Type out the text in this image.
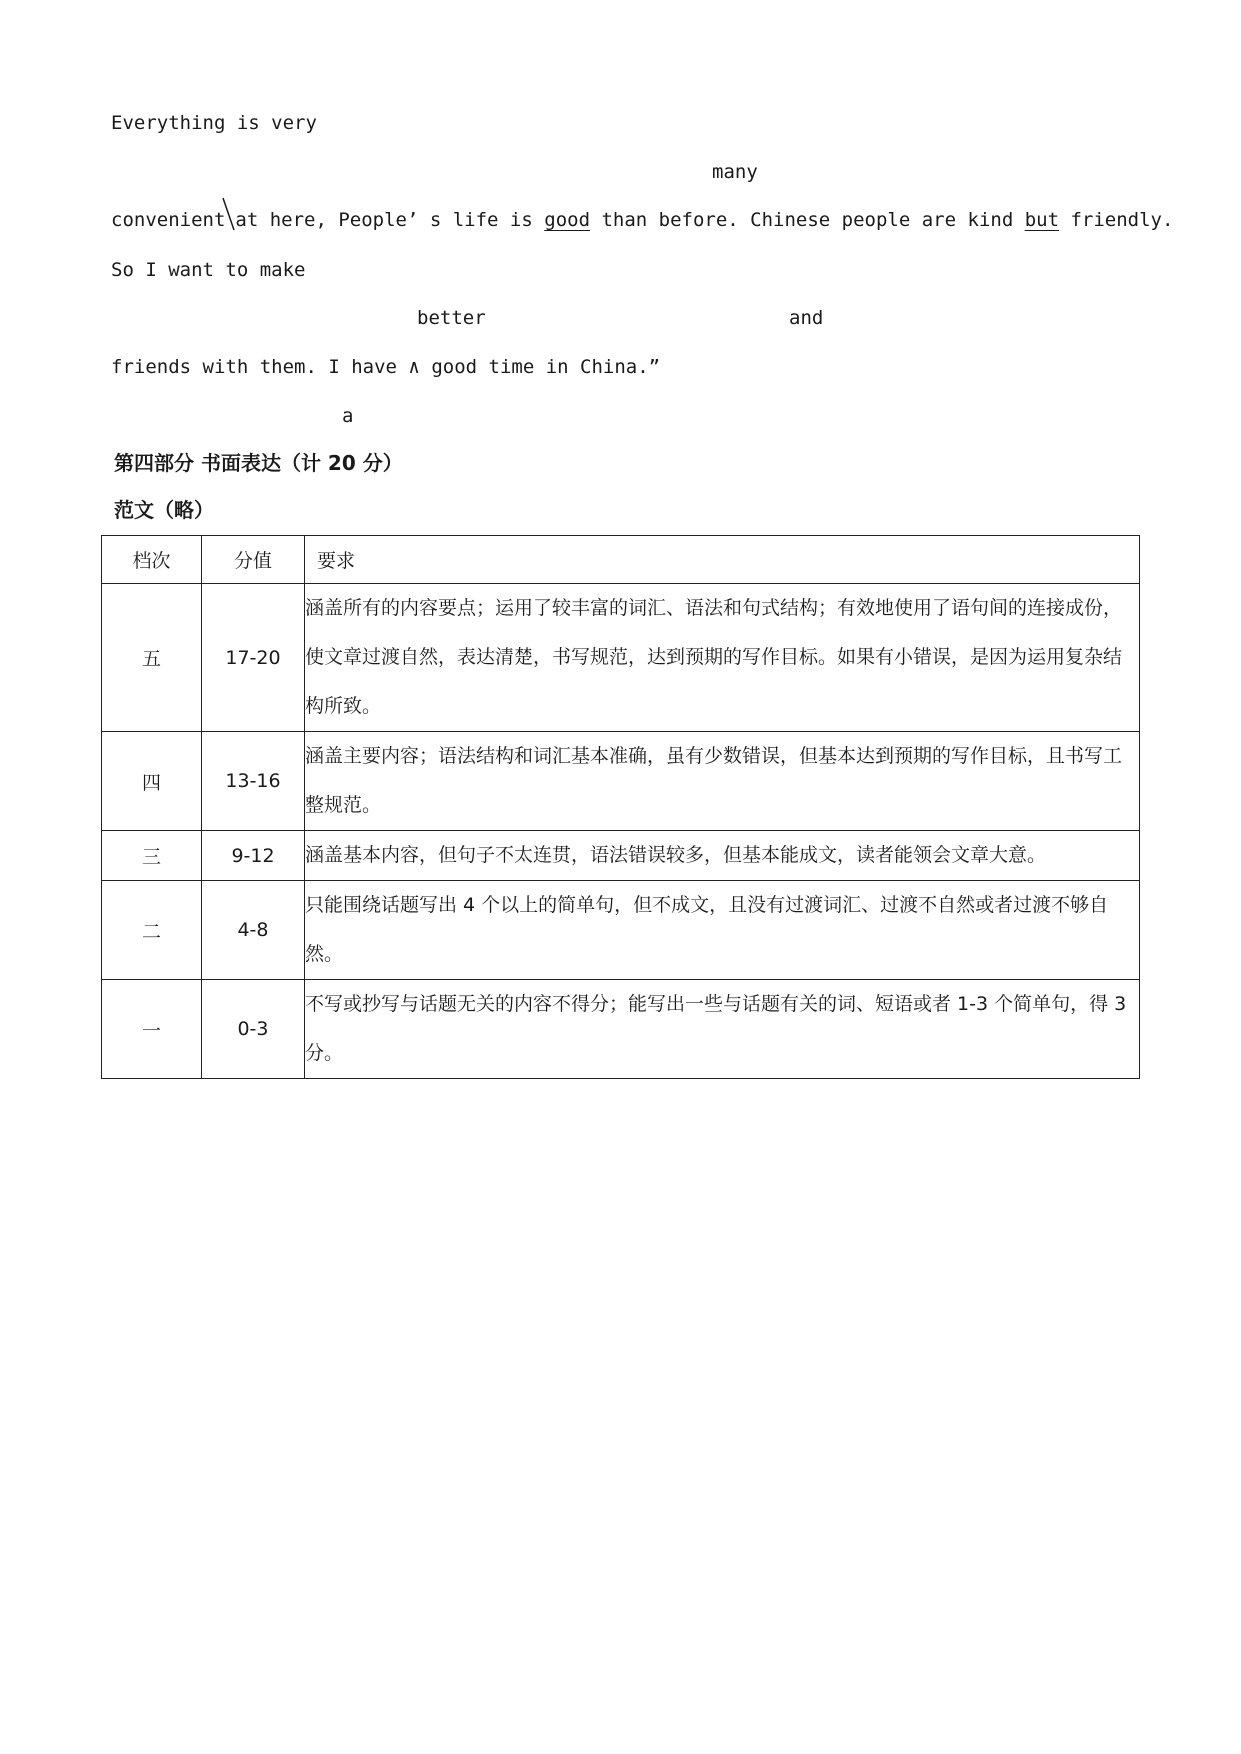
Everything is very
many
convenient at here, People’ s life is good than before. Chinese people are kind but friendly.
So I want to make
better	and
friends with them. I have ∧ good time in China.”
a
第四部分 书面表达（计 20 分）
范文（略）
档次	分值	要求
五	17-20	涵盖所有的内容要点；运用了较丰富的词汇、语法和句式结构；有效地使用了语句间的连接成份，使文章过渡自然，表达清楚，书写规范，达到预期的写作目标。如果有小错误，是因为运用复杂结构所致。
四	13-16	涵盖主要内容；语法结构和词汇基本准确，虽有少数错误，但基本达到预期的写作目标，且书写工整规范。
三	9-12	涵盖基本内容，但句子不太连贯，语法错误较多，但基本能成文，读者能领会文章大意。
二	4-8	只能围绕话题写出 4 个以上的简单句，但不成文，且没有过渡词汇、过渡不自然或者过渡不够自然。
一	0-3	不写或抄写与话题无关的内容不得分；能写出一些与话题有关的词、短语或者 1-3 个简单句，得 3 分。
